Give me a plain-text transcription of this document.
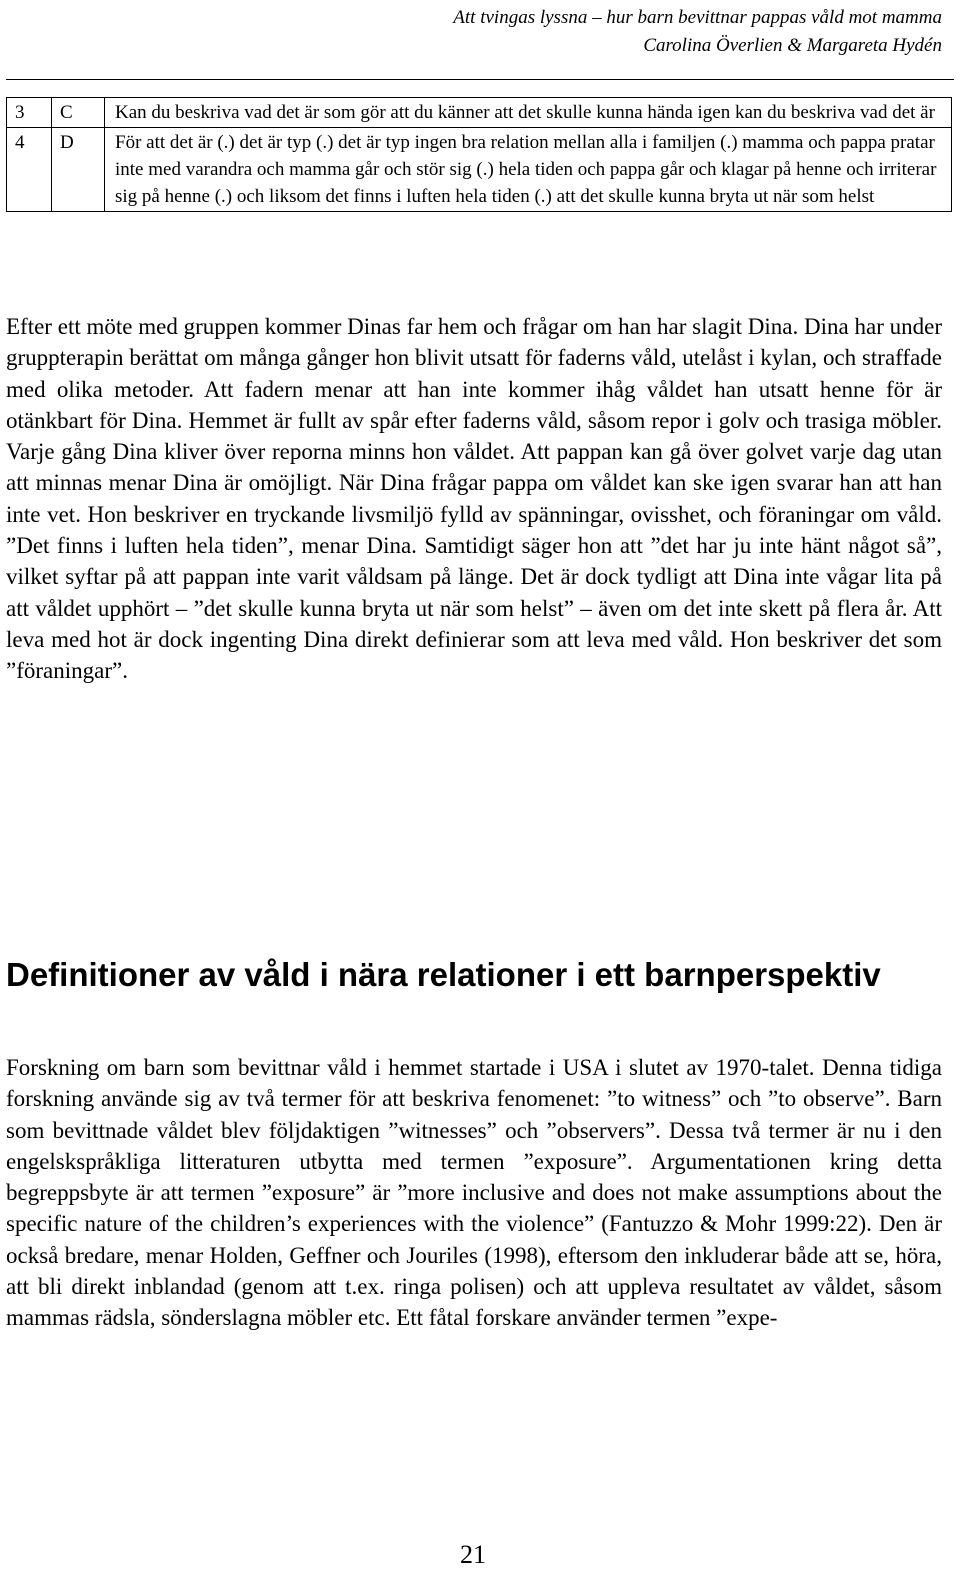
Att tvingas lyssna – hur barn bevittnar pappas våld mot mamma
Carolina Överlien & Margareta Hydén
3	C	Kan du beskriva vad det är som gör att du känner att det skulle kunna hända igen kan du beskriva vad det är
4	D	För att det är (.) det är typ (.) det är typ ingen bra relation mellan alla i familjen (.) mamma och pappa pratar inte med varandra och mamma går och stör sig (.) hela tiden och pappa går och klagar på henne och irriterar sig på henne (.) och liksom det finns i luften hela tiden (.) att det skulle kunna bryta ut när som helst

Efter ett möte med gruppen kommer Dinas far hem och frågar om han har slagit Dina. Dina har under gruppterapin berättat om många gånger hon blivit utsatt för faderns våld, utelåst i kylan, och straffade med olika metoder. Att fadern menar att han inte kommer ihåg våldet han utsatt henne för är otänkbart för Dina. Hemmet är fullt av spår efter faderns våld, såsom repor i golv och trasiga möbler. Varje gång Dina kliver över reporna minns hon våldet. Att pappan kan gå över golvet varje dag utan att minnas menar Dina är omöjligt. När Dina frågar pappa om våldet kan ske igen svarar han att han inte vet. Hon beskriver en tryckande livsmiljö fylld av spänningar, ovisshet, och föraningar om våld. ”Det finns i luften hela tiden”, menar Dina. Samtidigt säger hon att ”det har ju inte hänt något så”, vilket syftar på att pappan inte varit våldsam på länge. Det är dock tydligt att Dina inte vågar lita på att våldet upphört – ”det skulle kunna bryta ut när som helst” – även om det inte skett på flera år. Att leva med hot är dock ingenting Dina direkt definierar som att leva med våld. Hon beskriver det som ”föraningar”.

Definitioner av våld i nära relationer i ett barnperspektiv

Forskning om barn som bevittnar våld i hemmet startade i USA i slutet av 1970-talet. Denna tidiga forskning använde sig av två termer för att beskriva fenomenet: ”to witness” och ”to observe”. Barn som bevittnade våldet blev följdaktigen ”witnesses” och ”observers”. Dessa två termer är nu i den engelskspråkliga litteraturen utbytta med termen ”exposure”. Argumentationen kring detta begreppsbyte är att termen ”exposure” är ”more inclusive and does not make assumptions about the specific nature of the children’s experiences with the violence” (Fantuzzo & Mohr 1999:22). Den är också bredare, menar Holden, Geffner och Jouriles (1998), eftersom den inkluderar både att se, höra, att bli direkt inblandad (genom att t.ex. ringa polisen) och att uppleva resultatet av våldet, såsom mammas rädsla, sönderslagna möbler etc. Ett fåtal forskare använder termen ”expe-

21
